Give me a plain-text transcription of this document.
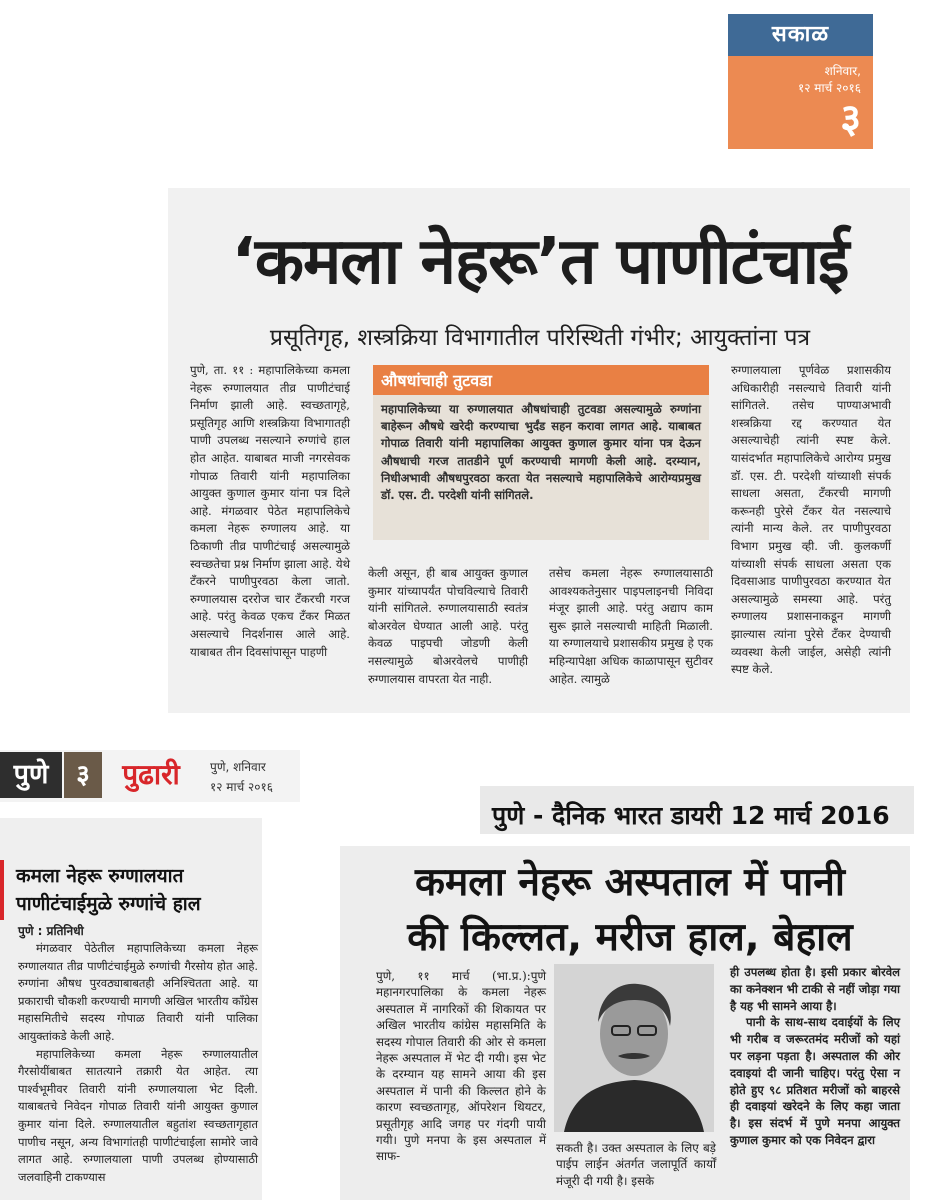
सकाळ
शनिवार,
१२ मार्च २०१६
३
‘कमला नेहरू’त पाणीटंचाई
प्रसूतिगृह, शस्त्रक्रिया विभागातील परिस्थिती गंभीर; आयुक्तांना पत्र
पुणे, ता. ११ : महापालिकेच्या कमला नेहरू रुग्णालयात तीव्र पाणीटंचाई निर्माण झाली आहे. स्वच्छतागृहे, प्रसूतिगृह आणि शस्त्रक्रिया विभागातही पाणी उपलब्ध नसल्याने रुग्णांचे हाल होत आहेत. याबाबत माजी नगरसेवक गोपाळ तिवारी यांनी महापालिका आयुक्त कुणाल कुमार यांना पत्र दिले आहे. मंगळवार पेठेत महापालिकेचे कमला नेहरू रुग्णालय आहे. या ठिकाणी तीव्र पाणीटंचाई असल्यामुळे स्वच्छतेचा प्रश्न निर्माण झाला आहे. येथे टँकरने पाणीपुरवठा केला जातो. रुग्णालयास दररोज चार टँकरची गरज आहे. परंतु केवळ एकच टँकर मिळत असल्याचे निदर्शनास आले आहे. याबाबत तीन दिवसांपासून पाहणी
औषधांचाही तुटवडा
महापालिकेच्या या रुग्णालयात औषधांचाही तुटवडा असल्यामुळे रुग्णांना बाहेरून औषधे खरेदी करण्याचा भुर्दंड सहन करावा लागत आहे. याबाबत गोपाळ तिवारी यांनी महापालिका आयुक्त कुणाल कुमार यांना पत्र देऊन औषधाची गरज तातडीने पूर्ण करण्याची मागणी केली आहे. दरम्यान, निधीअभावी औषधपुरवठा करता येत नसल्याचे महापालिकेचे आरोग्यप्रमुख डॉ. एस. टी. परदेशी यांनी सांगितले.
केली असून, ही बाब आयुक्त कुणाल कुमार यांच्यापर्यंत पोचविल्याचे तिवारी यांनी सांगितले. रुग्णालयासाठी स्वतंत्र बोअरवेल घेण्यात आली आहे. परंतु केवळ पाइपची जोडणी केली नसल्यामुळे बोअरवेलचे पाणीही रुग्णालयास वापरता येत नाही.
तसेच कमला नेहरू रुग्णालयासाठी आवश्यकतेनुसार पाइपलाइनची निविदा मंजूर झाली आहे. परंतु अद्याप काम सुरू झाले नसल्याची माहिती मिळाली. या रुग्णालयाचे प्रशासकीय प्रमुख हे एक महिन्यापेक्षा अधिक काळापासून सुटीवर आहेत. त्यामुळे
रुग्णालयाला पूर्णवेळ प्रशासकीय अधिकारीही नसल्याचे तिवारी यांनी सांगितले. तसेच पाण्याअभावी शस्त्रक्रिया रद्द करण्यात येत असल्याचेही त्यांनी स्पष्ट केले. यासंदर्भात महापालिकेचे आरोग्य प्रमुख डॉ. एस. टी. परदेशी यांच्याशी संपर्क साधला असता, टँकरची मागणी करूनही पुरेसे टँकर येत नसल्याचे त्यांनी मान्य केले. तर पाणीपुरवठा विभाग प्रमुख व्ही. जी. कुलकर्णी यांच्याशी संपर्क साधला असता एक दिवसाआड पाणीपुरवठा करण्यात येत असल्यामुळे समस्या आहे. परंतु रुग्णालय प्रशासनाकडून मागणी झाल्यास त्यांना पुरेसे टँकर देण्याची व्यवस्था केली जाईल, असेही त्यांनी स्पष्ट केले.
पुणे	३	पुढारी	पुणे, शनिवार
१२ मार्च २०१६
कमला नेहरू रुग्णालयात
पाणीटंचाईमुळे रुग्णांचे हाल
पुणे : प्रतिनिधी

मंगळवार पेठेतील महापालिकेच्या कमला नेहरू रुग्णालयात तीव्र पाणीटंचाईमुळे रुग्णांची गैरसोय होत आहे. रुग्णांना औषध पुरवठ्याबाबतही अनिश्चितता आहे. या प्रकाराची चौकशी करण्याची मागणी अखिल भारतीय कॉंग्रेस महासमितीचे सदस्य गोपाळ तिवारी यांनी पालिका आयुक्तांकडे केली आहे.

महापालिकेच्या कमला नेहरू रुग्णालयातील गैरसोयींबाबत सातत्याने तक्रारी येत आहेत. त्या पार्श्वभूमीवर तिवारी यांनी रुग्णालयाला भेट दिली. याबाबतचे निवेदन गोपाळ तिवारी यांनी आयुक्त कुणाल कुमार यांना दिले. रुग्णालयातील बहुतांश स्वच्छतागृहात पाणीच नसून, अन्य विभागांतही पाणीटंचाईला सामोरे जावे लागत आहे. रुग्णालयाला पाणी उपलब्ध होण्यासाठी जलवाहिनी टाकण्यास

पुणे - दैनिक भारत डायरी 12 मार्च 2016
कमला नेहरू अस्पताल में पानी
की किल्लत, मरीज हाल, बेहाल
पुणे, ११ मार्च (भा.प्र.):पुणे महानगरपालिका के कमला नेहरू अस्पताल में नागरिकों की शिकायत पर अखिल भारतीय कांग्रेस महासमिति के सदस्य गोपाल तिवारी की ओर से कमला नेहरू अस्पताल में भेट दी गयी। इस भेट के दरम्यान यह सामने आया की इस अस्पताल में पानी की किल्लत होने के कारण स्वच्छतागृह, ऑपरेशन थियटर, प्रसूतीगृह आदि जगह पर गंदगी पायी गयी। पुणे मनपा के इस अस्पताल में साफ-
सकती है। उक्त अस्पताल के लिए बड़े पाईप लाईन अंतर्गत जलापूर्ति कार्यों मंजूरी दी गयी है। इसके

ही उपलब्ध होता है। इसी प्रकार बोरवेल का कनेक्शन भी टाकी से नहीं जोड़ा गया है यह भी सामने आया है।

पानी के साथ-साथ दवाईयों के लिए भी गरीब व जरूरतमंद मरीजों को यहां पर लड़ना पड़ता है। अस्पताल की ओर दवाइयां दी जानी चाहिए। परंतु ऐसा न होते हुए ९८ प्रतिशत मरीजों को बाहरसे ही दवाइयां खरेदने के लिए कहा जाता है। इस संदर्भ में पुणे मनपा आयुक्त कुणाल कुमार को एक निवेदन द्वारा
